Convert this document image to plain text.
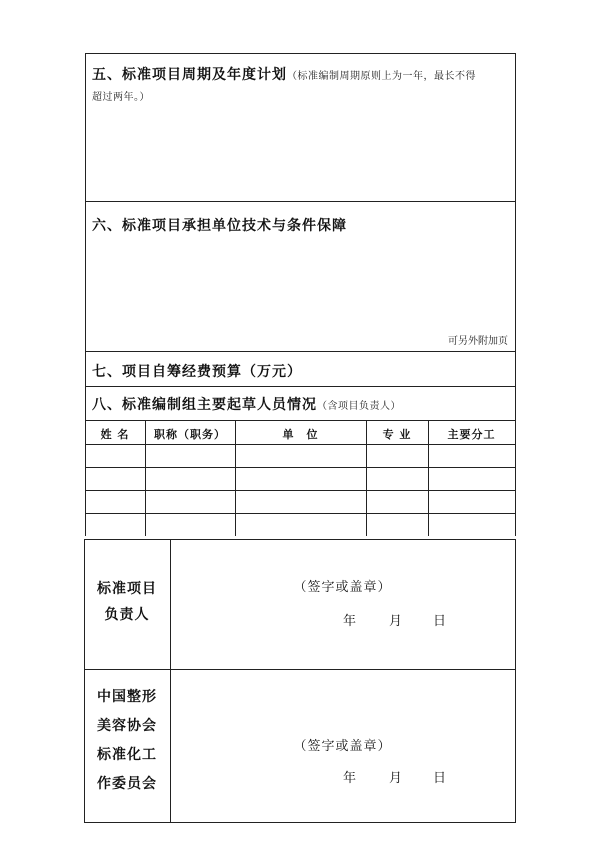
五、标准项目周期及年度计划（标准编制周期原则上为一年，最长不得
超过两年。）
六、标准项目承担单位技术与条件保障
可另外附加页
七、项目自筹经费预算（万元）
八、标准编制组主要起草人员情况（含项目负责人）
姓 名	职称（职务）	单　位	专 业	主要分工
标准项目
负责人
（签字或盖章）
年	月 日
中国整形
美容协会
标准化工
作委员会
（签字或盖章）
年	月 日
